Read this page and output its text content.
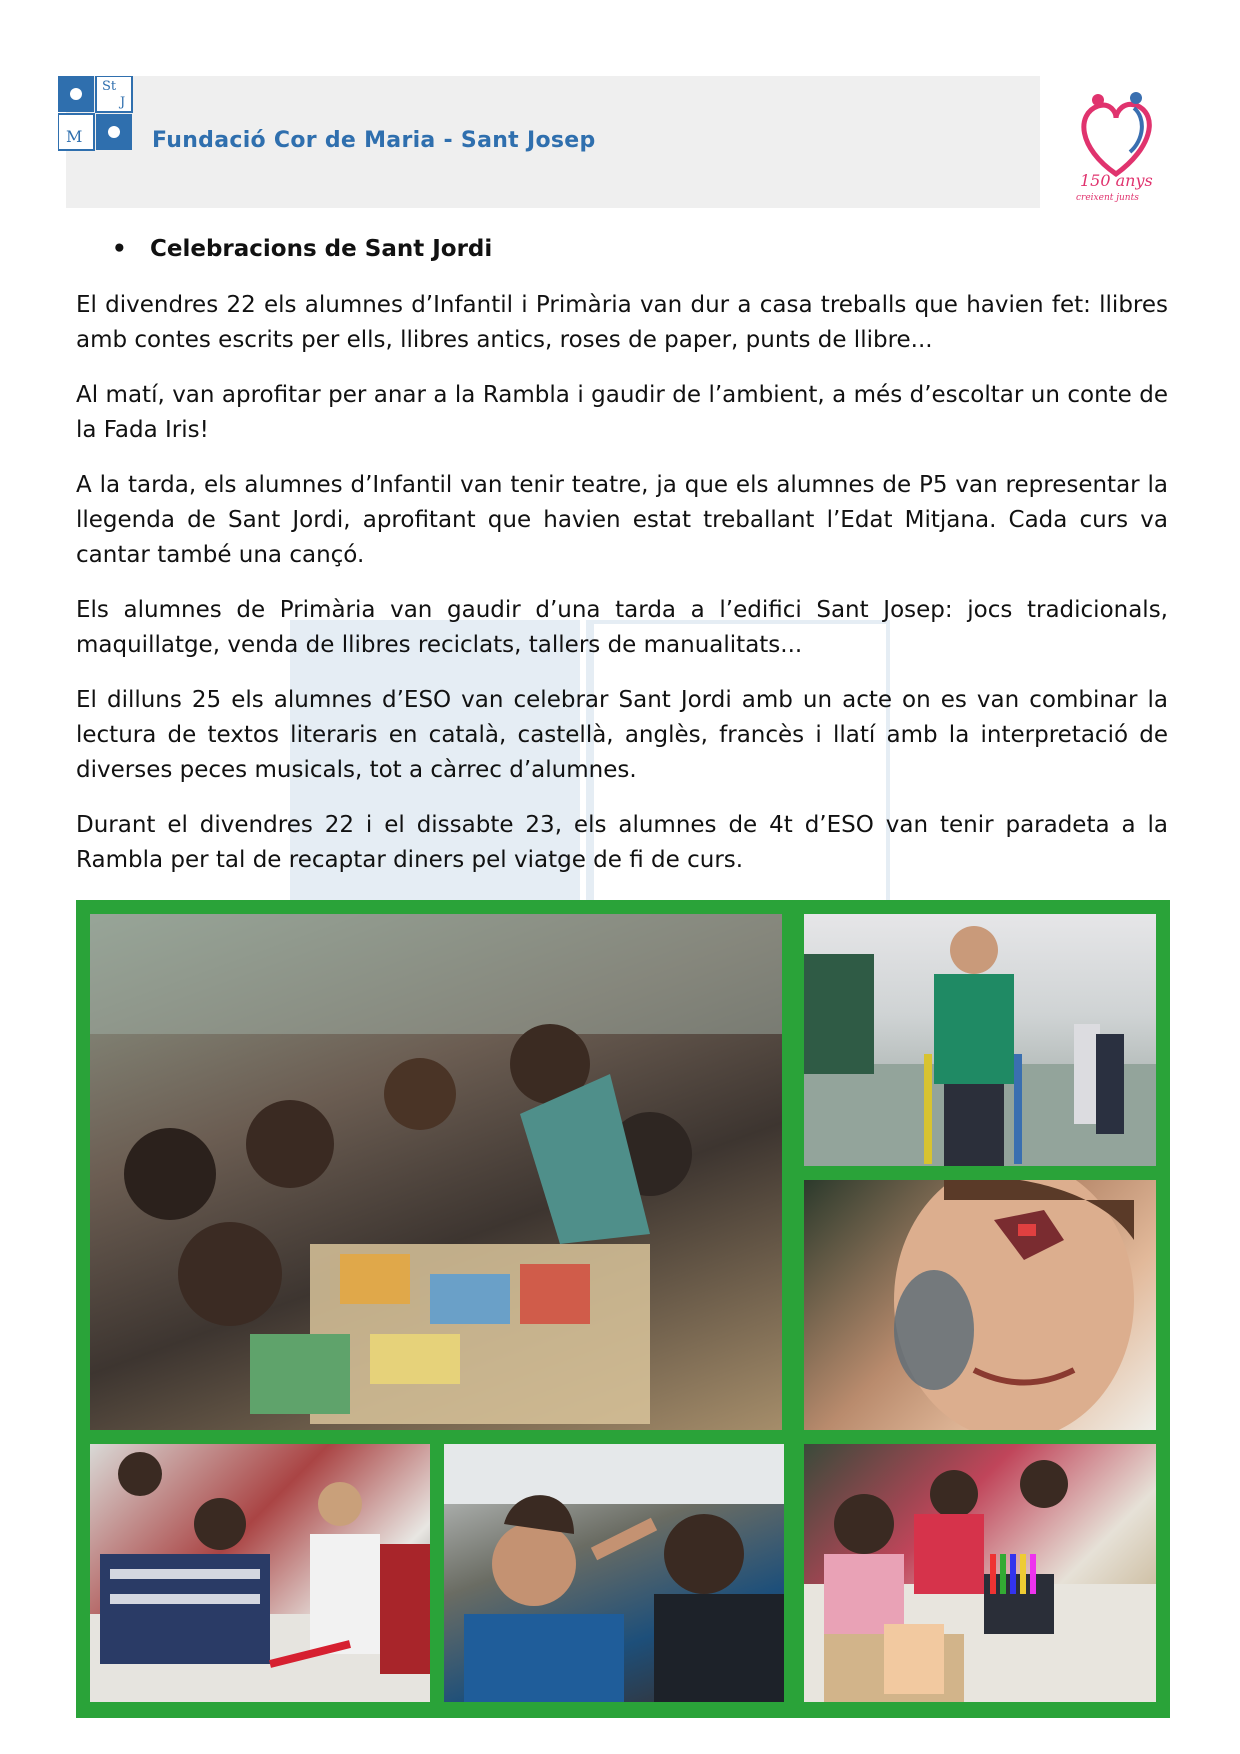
St
J
M	Fundació Cor de Maria - Sant Josep
150 anys
creixent junts
• Celebracions de Sant Jordi

El divendres 22 els alumnes d’Infantil i Primària van dur a casa treballs que havien fet: llibres amb contes escrits per ells, llibres antics, roses de paper, punts de llibre...

Al matí, van aprofitar per anar a la Rambla i gaudir de l’ambient, a més d’escoltar un conte de la Fada Iris!

A la tarda, els alumnes d’Infantil van tenir teatre, ja que els alumnes de P5 van representar la llegenda de Sant Jordi, aprofitant que havien estat treballant l’Edat Mitjana. Cada curs va cantar també una cançó.

Els alumnes de Primària van gaudir d’una tarda a l’edifici Sant Josep: jocs tradicionals, maquillatge, venda de llibres reciclats, tallers de manualitats...

El dilluns 25 els alumnes d’ESO van celebrar Sant Jordi amb un acte on es van combinar la lectura de textos literaris en català, castellà, anglès, francès i llatí amb la interpretació de diverses peces musicals, tot a càrrec d’alumnes.

Durant el divendres 22 i el dissabte 23, els alumnes de 4t d’ESO van tenir paradeta a la Rambla per tal de recaptar diners pel viatge de fi de curs.
